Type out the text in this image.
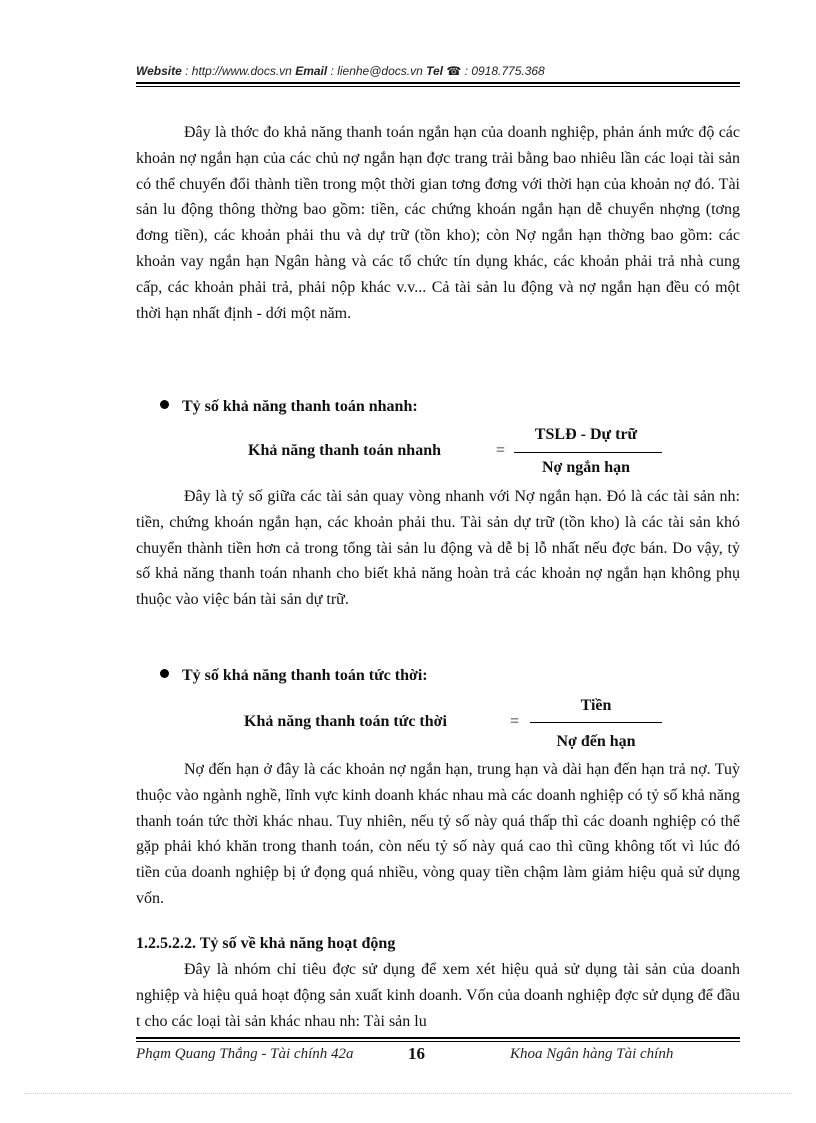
Website : http://www.docs.vn Email : lienhe@docs.vn Tel ☎ : 0918.775.368

Đây là thớc đo khả năng thanh toán ngắn hạn của doanh nghiệp, phản ánh mức độ các khoản nợ ngắn hạn của các chủ nợ ngắn hạn đợc trang trải bằng bao nhiêu lần các loại tài sản có thể chuyển đổi thành tiền trong một thời gian tơng đơng với thời hạn của khoản nợ đó. Tài sản lu động thông thờng bao gồm: tiền, các chứng khoán ngắn hạn dễ chuyển nhợng (tơng đơng tiền), các khoản phải thu và dự trữ (tồn kho); còn Nợ ngắn hạn thờng bao gồm: các khoản vay ngắn hạn Ngân hàng và các tổ chức tín dụng khác, các khoản phải trả nhà cung cấp, các khoản phải trả, phải nộp khác v.v... Cả tài sản lu động và nợ ngắn hạn đều có một thời hạn nhất định - dới một năm.

Tỷ số khả năng thanh toán nhanh:
Khả năng thanh toán nhanh	=
TSLĐ - Dự trữ
Nợ ngắn hạn

Đây là tỷ số giữa các tài sản quay vòng nhanh với Nợ ngắn hạn. Đó là các tài sản nh: tiền, chứng khoán ngắn hạn, các khoản phải thu. Tài sản dự trữ (tồn kho) là các tài sản khó chuyển thành tiền hơn cả trong tổng tài sản lu động và dễ bị lỗ nhất nếu đợc bán. Do vậy, tỷ số khả năng thanh toán nhanh cho biết khả năng hoàn trả các khoản nợ ngắn hạn không phụ thuộc vào việc bán tài sản dự trữ.

Tỷ số khả năng thanh toán tức thời:
Khả năng thanh toán tức thời	=
Tiền
Nợ đến hạn

Nợ đến hạn ở đây là các khoản nợ ngắn hạn, trung hạn và dài hạn đến hạn trả nợ. Tuỳ thuộc vào ngành nghề, lĩnh vực kinh doanh khác nhau mà các doanh nghiệp có tỷ số khả năng thanh toán tức thời khác nhau. Tuy nhiên, nếu tỷ số này quá thấp thì các doanh nghiệp có thể gặp phải khó khăn trong thanh toán, còn nếu tỷ số này quá cao thì cũng không tốt vì lúc đó tiền của doanh nghiệp bị ứ đọng quá nhiều, vòng quay tiền chậm làm giảm hiệu quả sử dụng vốn.

1.2.5.2.2. Tỷ số về khả năng hoạt động

Đây là nhóm chỉ tiêu đợc sử dụng để xem xét hiệu quả sử dụng tài sản của doanh nghiệp và hiệu quả hoạt động sản xuất kinh doanh. Vốn của doanh nghiệp đợc sử dụng để đầu t cho các loại tài sản khác nhau nh: Tài sản lu

Phạm Quang Thắng - Tài chính 42a	16	Khoa Ngân hàng Tài chính
